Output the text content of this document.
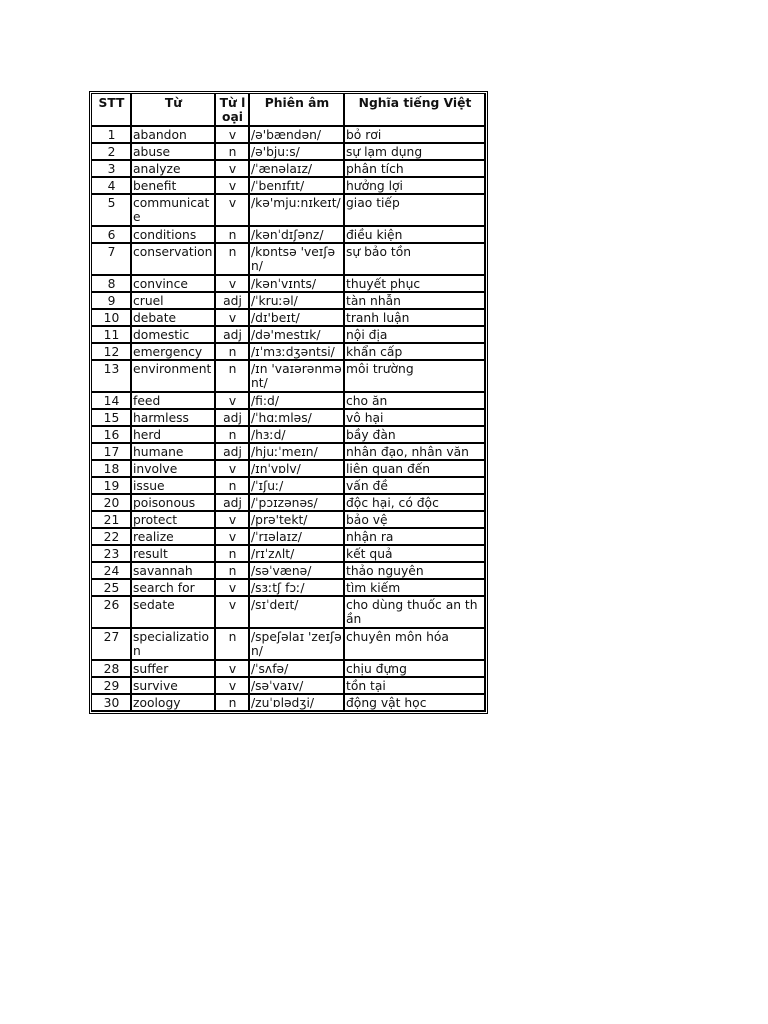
STT	Từ	Từ loại	Phiên âm	Nghĩa tiếng Việt
1	abandon	v	/ə'bændən/	bỏ rơi
2	abuse	n	/ə'bju:s/	sự lạm dụng
3	analyze	v	/ˈænəlaɪz/	phân tích
4	benefit	v	/ˈbenɪfɪt/	hưởng lợi
5	communicate	v	/kə'mju:nɪkeɪt/	giao tiếp
6	conditions	n	/kənˈdɪʃənz/	điều kiện
7	conservation	n	/kɒntsə 'veɪʃən/	sự bảo tồn
8	convince	v	/kənˈvɪnts/	thuyết phục
9	cruel	adj	/ˈkruːəl/	tàn nhẫn
10	debate	v	/dɪ'beɪt/	tranh luận
11	domestic	adj	/də'mestɪk/	nội địa
12	emergency	n	/ɪˈmɜːdʒəntsi/	khẩn cấp
13	environment	n	/ɪn 'vaɪərənmənt/	môi trường
14	feed	v	/fi:d/	cho ăn
15	harmless	adj	/ˈhɑːmləs/	vô hại
16	herd	n	/hɜːd/	bầy đàn
17	humane	adj	/hjuːˈmeɪn/	nhân đạo, nhân văn
18	involve	v	/ɪnˈvɒlv/	liên quan đến
19	issue	n	/ˈɪʃuː/	vấn đề
20	poisonous	adj	/ˈpɔɪzənəs/	độc hại, có độc
21	protect	v	/prə'tekt/	bảo vệ
22	realize	v	/ˈrɪəlaɪz/	nhận ra
23	result	n	/rɪˈzʌlt/	kết quả
24	savannah	n	/səˈvænə/	thảo nguyên
25	search for	v	/sɜːtʃ fɔː/	tìm kiếm
26	sedate	v	/sɪˈdeɪt/	cho dùng thuốc an thần
27	specialization	n	/speʃəlaɪ 'zeɪʃən/	chuyên môn hóa
28	suffer	v	/ˈsʌfə/	chịu đựng
29	survive	v	/səˈvaɪv/	tồn tại
30	zoology	n	/zuˈɒlədʒi/	động vật học
